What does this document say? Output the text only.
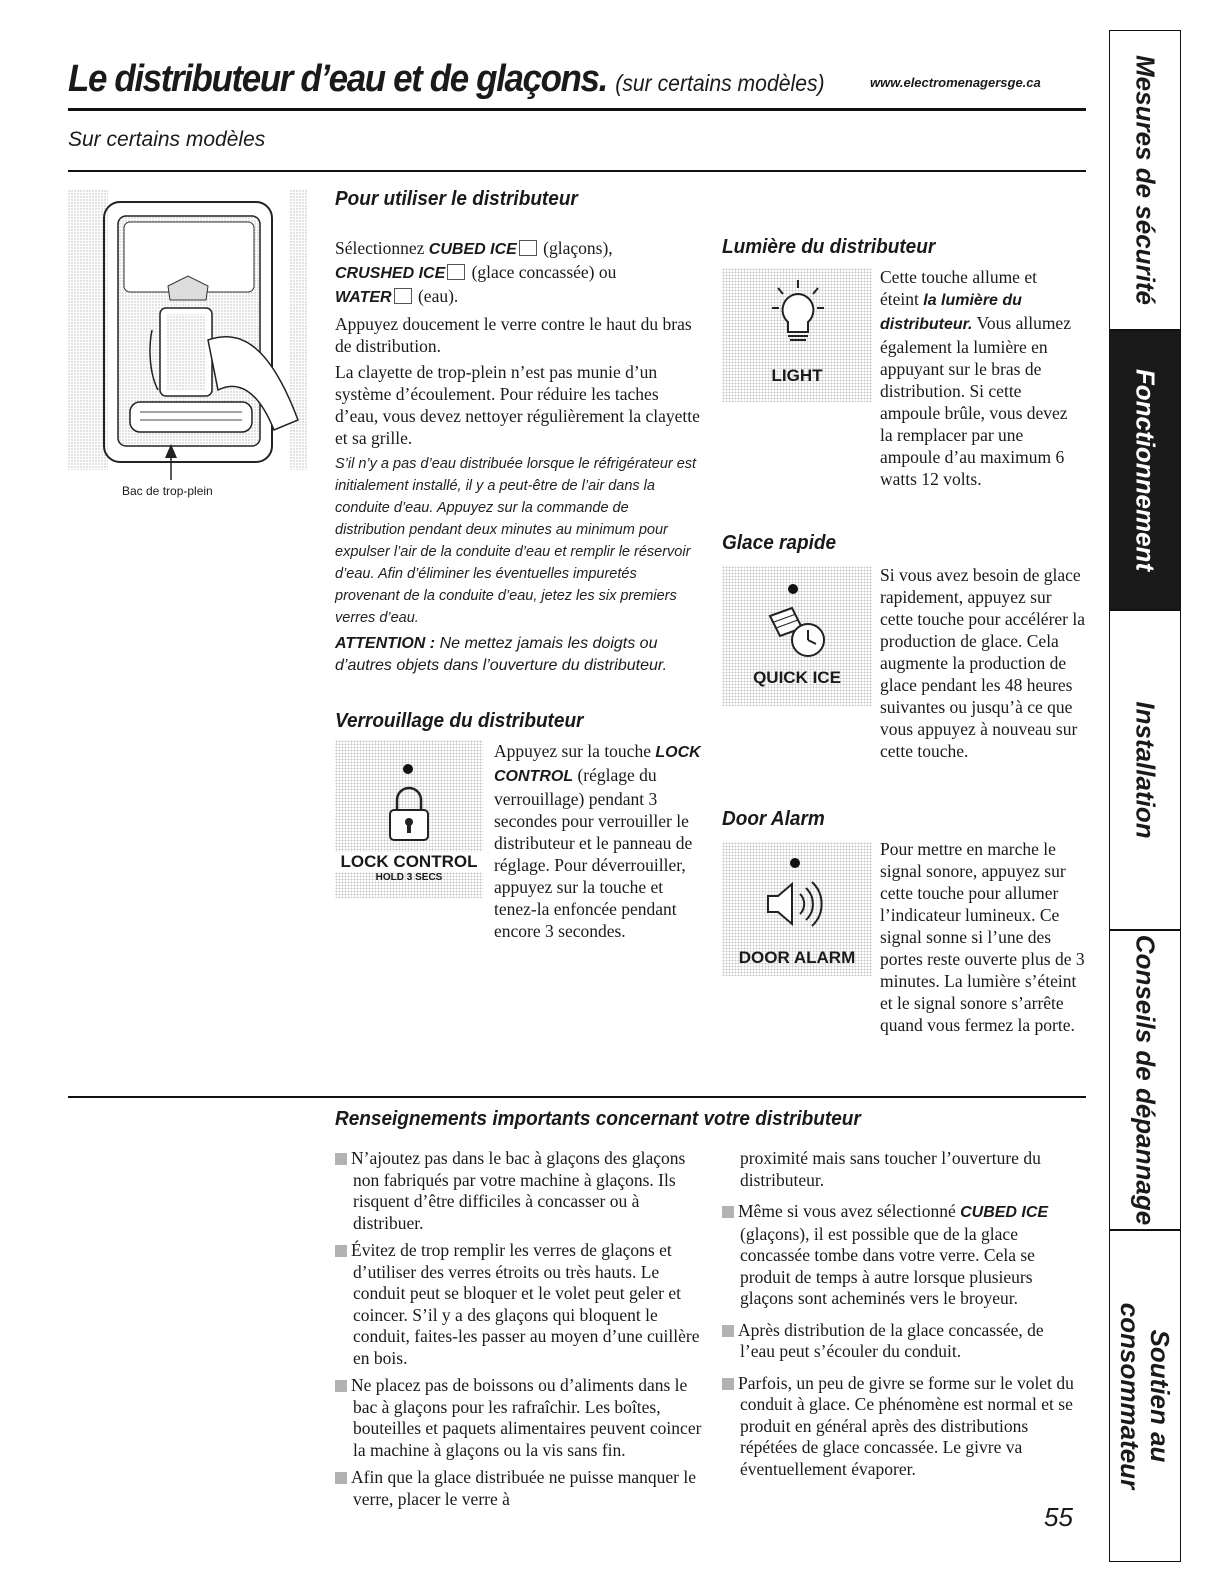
Le distributeur d’eau et de glaçons. (sur certains modèles)	www.electromenagersge.ca
Sur certains modèles
Bac de trop-plein
Pour utiliser le distributeur

Sélectionnez CUBED ICE (glaçons),
CRUSHED ICE (glace concassée) ou
WATER (eau).

Appuyez doucement le verre contre le haut du bras de distribution.

La clayette de trop-plein n’est pas munie d’un système d’écoulement. Pour réduire les taches d’eau, vous devez nettoyer régulièrement la clayette et sa grille.

S’il n’y a pas d’eau distribuée lorsque le réfrigérateur est initialement installé, il y a peut-être de l’air dans la conduite d’eau. Appuyez sur la commande de distribution pendant deux minutes au minimum pour expulser l’air de la conduite d’eau et remplir le réservoir d’eau. Afin d’éliminer les éventuelles impuretés provenant de la conduite d’eau, jetez les six premiers verres d’eau.

ATTENTION : Ne mettez jamais les doigts ou d’autres objets dans l’ouverture du distributeur.

Verrouillage du distributeur
LOCK CONTROL
HOLD 3 SECS
Appuyez sur la touche LOCK CONTROL (réglage du verrouillage) pendant 3 secondes pour verrouiller le distributeur et le panneau de réglage. Pour déverrouiller, appuyez sur la touche et tenez-la enfoncée pendant encore 3 secondes.
Lumière du distributeur
LIGHT
Cette touche allume et éteint la lumière du distributeur. Vous allumez également la lumière en appuyant sur le bras de distribution. Si cette ampoule brûle, vous devez la remplacer par une ampoule d’au maximum 6 watts 12 volts.
Glace rapide
QUICK ICE
Si vous avez besoin de glace rapidement, appuyez sur cette touche pour accélérer la production de glace. Cela augmente la production de glace pendant les 48 heures suivantes ou jusqu’à ce que vous appuyez à nouveau sur cette touche.
Door Alarm
DOOR ALARM
Pour mettre en marche le signal sonore, appuyez sur cette touche pour allumer l’indicateur lumineux. Ce signal sonne si l’une des portes reste ouverte plus de 3 minutes. La lumière s’éteint et le signal sonore s’arrête quand vous fermez la porte.
Renseignements importants concernant votre distributeur

N’ajoutez pas dans le bac à glaçons des glaçons non fabriqués par votre machine à glaçons. Ils risquent d’être difficiles à concasser ou à distribuer.

Évitez de trop remplir les verres de glaçons et d’utiliser des verres étroits ou très hauts. Le conduit peut se bloquer et le volet peut geler et coincer. S’il y a des glaçons qui bloquent le conduit, faites-les passer au moyen d’une cuillère en bois.

Ne placez pas de boissons ou d’aliments dans le bac à glaçons pour les rafraîchir. Les boîtes, bouteilles et paquets alimentaires peuvent coincer la machine à glaçons ou la vis sans fin.

Afin que la glace distribuée ne puisse manquer le verre, placer le verre à

proximité mais sans toucher l’ouverture du distributeur.

Même si vous avez sélectionné CUBED ICE (glaçons), il est possible que de la glace concassée tombe dans votre verre. Cela se produit de temps à autre lorsque plusieurs glaçons sont acheminés vers le broyeur.

Après distribution de la glace concassée, de l’eau peut s’écouler du conduit.

Parfois, un peu de givre se forme sur le volet du conduit à glace. Ce phénomène est normal et se produit en général après des distributions répétées de glace concassée. Le givre va éventuellement évaporer.

55
Mesures de sécurité
Fonctionnement
Installation
Conseils de dépannage
Soutien au
consommateur
